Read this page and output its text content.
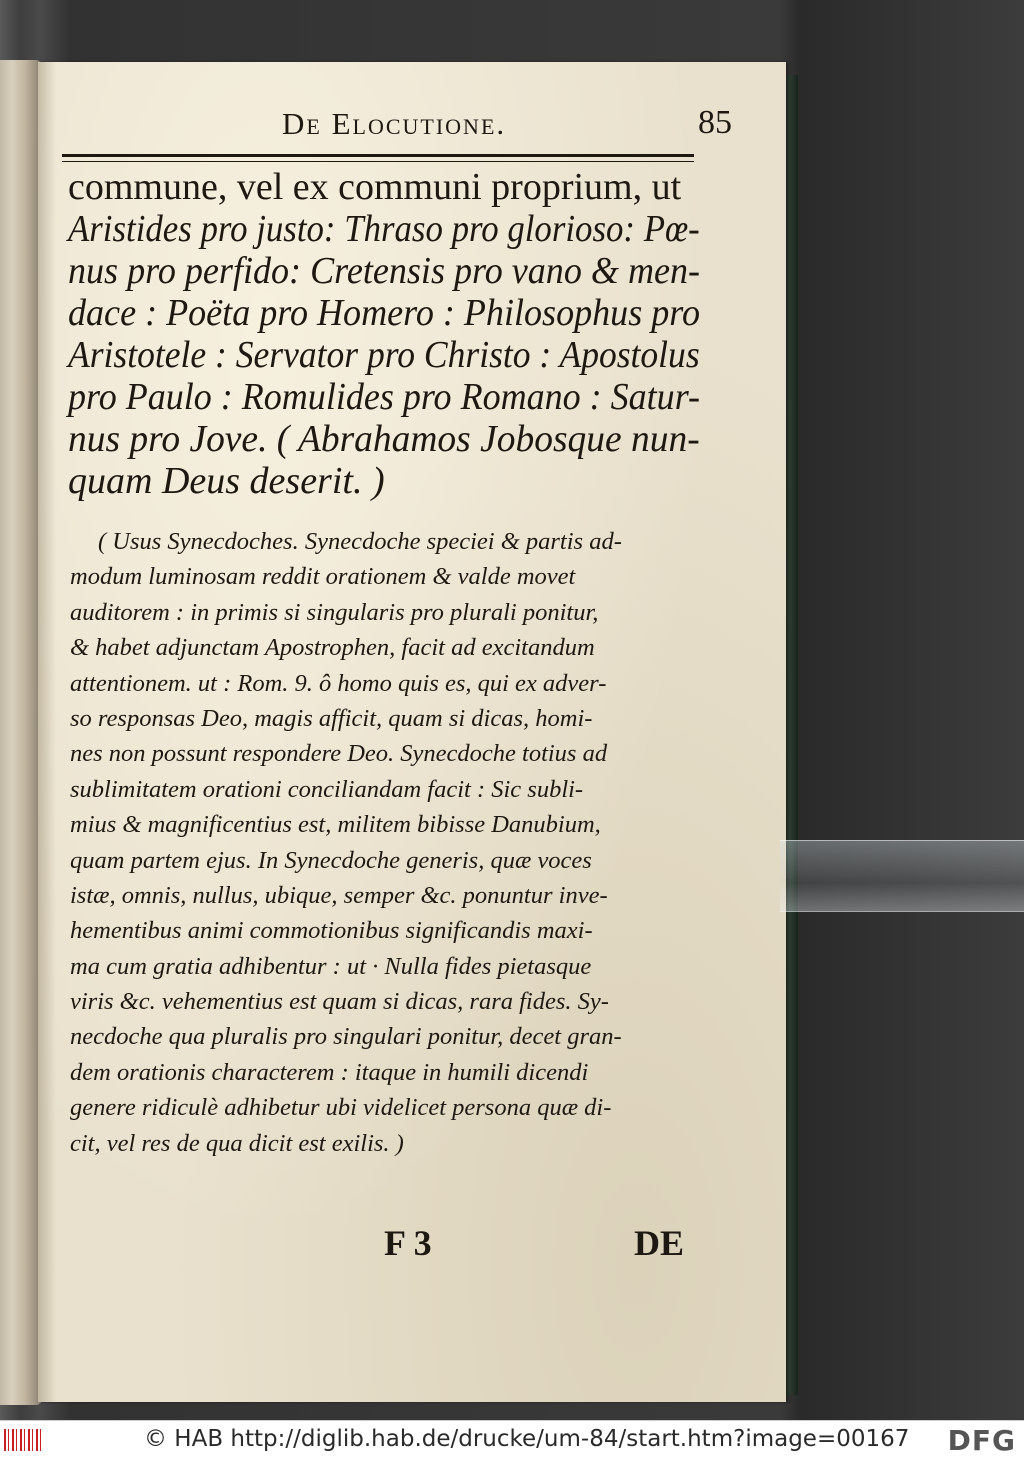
De Elocutione.	85
commune, vel ex communi proprium, ut
Aristides pro justo: Thraso pro glorioso: Pœ-
nus pro perfido: Cretensis pro vano & men-
dace : Poëta pro Homero : Philosophus pro
Aristotele : Servator pro Christo : Apostolus
pro Paulo : Romulides pro Romano : Satur-
nus pro Jove. ( Abrahamos Jobosque nun-
quam Deus deserit. )
( Usus Synecdoches. Synecdoche speciei & partis ad-
modum luminosam reddit orationem & valde movet
auditorem : in primis si singularis pro plurali ponitur,
& habet adjunctam Apostrophen, facit ad excitandum
attentionem. ut : Rom. 9. ô homo quis es, qui ex adver-
so responsas Deo, magis afficit, quam si dicas, homi-
nes non possunt respondere Deo. Synecdoche totius ad
sublimitatem orationi conciliandam facit : Sic subli-
mius & magnificentius est, militem bibisse Danubium,
quam partem ejus. In Synecdoche generis, quæ voces
istæ, omnis, nullus, ubique, semper &c. ponuntur inve-
hementibus animi commotionibus significandis maxi-
ma cum gratia adhibentur : ut · Nulla fides pietasque
viris &c. vehementius est quam si dicas, rara fides. Sy-
necdoche qua pluralis pro singulari ponitur, decet gran-
dem orationis characterem : itaque in humili dicendi
genere ridiculè adhibetur ubi videlicet persona quæ di-
cit, vel res de qua dicit est exilis. )
F 3	DE
© HAB http://diglib.hab.de/drucke/um-84/start.htm?image=00167 DFG
